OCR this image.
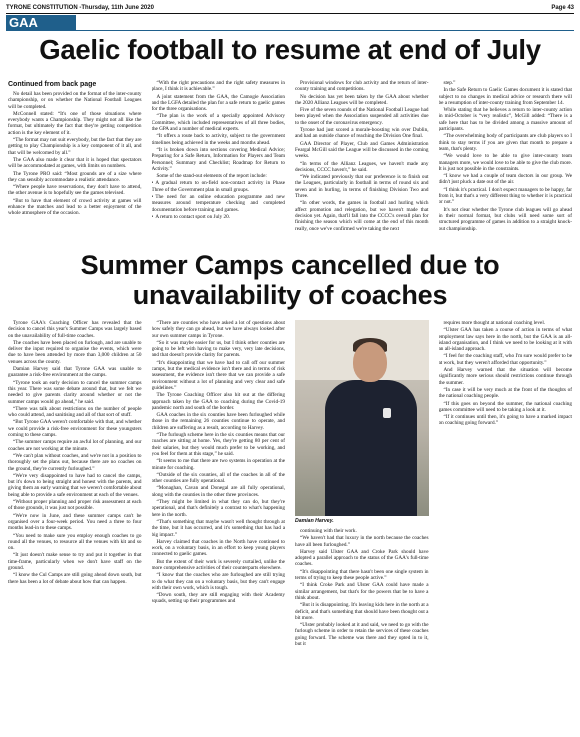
TYRONE CONSTITUTION -Thursday, 11th June 2020	Page 43
GAA
Gaelic football to resume at end of July

Continued from back page

No detail has been provided on the format of the inter-county championship, or on whether the National Football Leagues will be completed.

McConnell stated: “It's one of those situations where everybody wants a Championship. They might not all like the format, but ultimately the fact that they're getting competition action is the key element of it.

“The format may not suit everybody, but the fact that they are getting to play Championship is a key component of it all, and that will be welcomed by all.”

The GAA also made it clear that it is hoped that spectators will be accommodated at games, with limits on numbers.

The Tyrone PRO said: “Most grounds are of a size where they can sensibly accommodate a realistic attendance.

“Where people have reservations, they don't have to attend, the other avenue is to hopefully see the games televised.

“But to have that element of crowd activity at games will enhance the matches and lead to a better enjoyment of the whole atmosphere of the occasion.

“With the right precautions and the right safety measures in place, I think it is achievable.”

A joint statement from the GAA, the Camogie Association and the LGFA detailed the plan for a safe return to gaelic games for the three organisations.

“The plan is the work of a specially appointed Advisory Committee, which included representatives of all three bodies, the GPA and a number of medical experts.

“It offers a route back to activity, subject to the government timelines being achieved in the weeks and months ahead.

“It is broken down into sections covering Medical Advice; Preparing for a Safe Return, Information for Players and Team Personnel; Summary and Checklist; Roadmap for Return to Activity.”

Some of the stand-out elements of the report include:

• A gradual return to on-field non-contact activity in Phase Three of the Government plan in small groups.

• The need for an online education programme and new measures around temperature checking and completed documentation before training and games.

• A return to contact sport on July 20.

Provisional windows for club activity and the return of inter-county training and competitions.

No decision has yet been taken by the GAA about whether the 2020 Allianz Leagues will be completed.

Five of the seven rounds of the National Football League had been played when the Association suspended all activities due to the onset of the coronavirus emergency.

Tyrone had just scored a morale-boosting win over Dublin, and had an outside chance of reaching the Division One final.

GAA Director of Player, Club and Games Administration Feargal McGill said the League will be discussed in the coming weeks.

“In terms of the Allianz Leagues, we haven't made any decisions, CCCC haven't,” he said.

“We indicated previously that our preference is to finish out the Leagues, particularly in football in terms of round six and seven and in hurling, in terms of finishing Division Two and Three.

“In other words, the games in football and hurling which affect promotion and relegation, but we haven't made that decision yet. Again, that'll fall into the CCCC's overall plan for finishing the season which will come at the end of this month really, once we've confirmed we're taking the next

step.”

In the Safe Return to Gaelic Games document it is stated that subject to no changes in medical advice or research there will be a resumption of inter-county training from September 14.

While stating that he believes a return to inter-county action in mid-October is “very realistic”, McGill added: “There is a safe here that has to be divided among a massive amount of participants.

“The overwhelming body of participants are club players so I think to stay terms if you are given that month to prepare a team, that's plenty.

“We would love to be able to give inter-county team managers more, we would love to be able to give the club more. It is just not possible in the constraints.

“I know we had a couple of team doctors in our group. We didn't just pluck a date out of the air.

“I think it's practical. I don't expect managers to be happy, far from it, but that's a very different thing to whether it is practical or not.”

It's not clear whether the Tyrone club leagues will go ahead in their normal format, but clubs will need some sort of structured programme of games in addition to a straight knock-out championship.

Summer Camps cancelled due to unavailability of coaches

Tyrone GAA's Coaching Officer has revealed that the decision to cancel this year's Summer Camps was largely based on the unavailability of full-time coaches.

The coaches have been placed on furlough, and are unable to deliver the input required to organise the events, which were due to have been attended by more than 3,000 children at 50 venues across the county.

Damian Harvey said that Tyrone GAA was unable to guarantee a risk-free environment at the camps.

“Tyrone took an early decision to cancel the summer camps this year. There was some debate around that, but we felt we needed to give parents clarity around whether or not the summer camps would go ahead,” he said.

“There was talk about restrictions on the number of people who could attend, and sanitising and all of that sort of stuff.

“But Tyrone GAA weren't comfortable with that, and whether we could provide a risk-free environment for these youngsters coming to these camps.

“The summer camps require an awful lot of planning, and our coaches are not working at the minute.

“We can't plan without coaches, and we're not in a position to thoroughly set the plans out, because there are no coaches on the ground, they're currently furloughed.”

“We're very disappointed to have had to cancel the camps, but it's down to being straight and honest with the parents, and giving them an early warning that we weren't comfortable about being able to provide a safe environment at each of the venues.

“Without proper planning and proper risk assessment at each of those grounds, it was just not possible.

“We're now in June, and these summer camps can't be organised over a four-week period. You need a three to four months lead-in to these camps.

“You need to make sure you employ enough coaches to go round all the venues, to resource all the venues with kit and so on.

“It just doesn't make sense to try and put it together in that time-frame, particularly when we don't have staff on the ground.

“I know the Cul Camps are still going ahead down south, but there has been a lot of debate about how that can happen.

“There are counties who have asked a lot of questions about how safely they can go ahead, but we have always looked after our own summer camps in Tyrone.

“So it was maybe easier for us, but I think other counties are going to be left with having to make very, very late decisions, and that doesn't provide clarity for parents.

“It's disappointing that we have had to call off our summer camps, but the medical evidence isn't there and in terms of risk assessment, the evidence isn't there that we can provide a safe environment without a lot of planning and very clear and safe guidelines.”

The Tyrone Coaching Officer also hit out at the differing approach taken by the GAA to coaching during the Covid-19 pandemic north and south of the border.

GAA coaches in the six counties have been furloughed while those in the remaining 26 counties continue to operate, and children are suffering as a result, according to Harvey.

“The furlough scheme here in the six counties means that our coaches are sitting at home. Yes, they're getting 80 per cent of their salaries, but they would much prefer to be working, and you feel for them at this stage,” he said.

“It seems to me that there are two systems in operation at the minute for coaching.

“Outside of the six counties, all of the coaches in all of the other counties are fully operational.

“Monaghan, Cavan and Donegal are all fully operational, along with the counties in the other three provinces.

“They might be limited in what they can do, but they're operational, and that's definitely a contrast to what's happening here in the north.

“That's something that maybe wasn't well thought through at the time, but it has occurred, and it's something that has had a big impact.”

Harvey claimed that coaches in the North have continued to work, on a voluntary basis, in an effort to keep young players connected to gaelic games.

But the extent of their work is severely curtailed, unlike the more comprehensive activities of their counterparts elsewhere.

“I know that the coaches who are furloughed are still trying to do what they can on a voluntary basis, but they can't engage with their own work, which is tough.

“Down south, they are still engaging with their Academy squads, setting up their programmes and

Damian Harvey.

continuing with their work.

“We haven't had that luxury in the north because the coaches have all been furloughed.”

Harvey said Ulster GAA and Croke Park should have adopted a parallel approach to the status of the GAA's full-time coaches.

“It's disappointing that there hasn't been one single system in terms of trying to keep these people active.”

“I think Croke Park and Ulster GAA could have made a similar arrangement, but that's for the powers that be to have a think about.

“But it is disappointing. It's leaving kids here in the north at a deficit, and that's something that should have been thought out a bit more.

“Ulster probably looked at it and said, we need to go with the furlough scheme in order to retain the services of these coaches going forward. The scheme was there and they opted in to it, but it

requires more thought at national coaching level.

“Ulster GAA has taken a course of action in terms of what employment law says here in the north, but the GAA is an all-island organisation, and I think we need to be looking at it with an all-island approach.

“I feel for the coaching staff, who I'm sure would prefer to be at work, but they weren't afforded that opportunity.”

And Harvey warned that the situation will become significantly more serious should restrictions continue through the summer.

“In case it will be very much at the front of the thoughts of the national coaching people.

“If this goes on beyond the summer, the national coaching games committee will need to be taking a look at it.

“If it continues until then, it's going to have a marked impact on coaching going forward.”
